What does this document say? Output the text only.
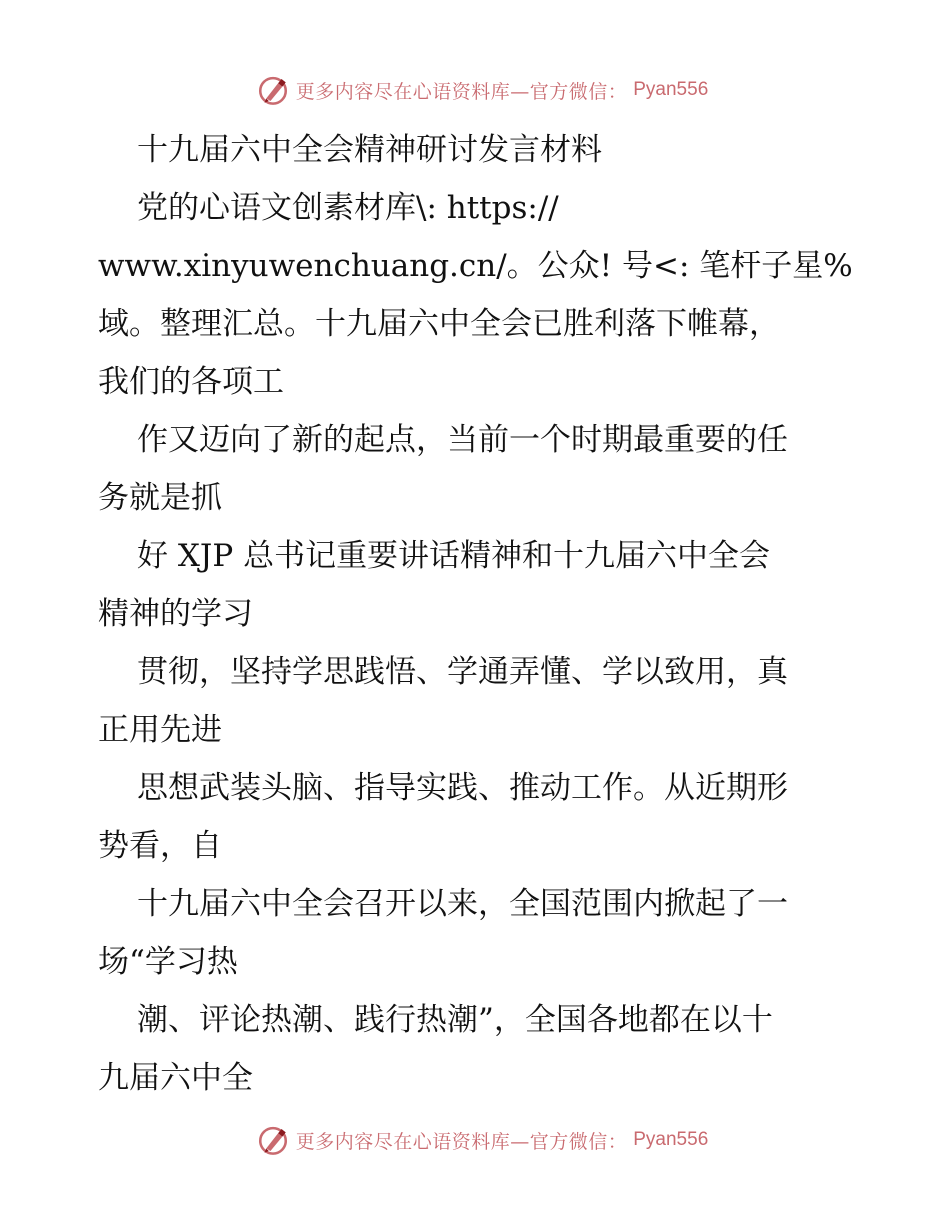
更多内容尽在心语资料库—官方微信： Pyan556
十九届六中全会精神研讨发言材料
党的心语文创素材库\: https://
www.xinyuwenchuang.cn/。公众! 号<: 笔杆子星%
域。整理汇总。十九届六中全会已胜利落下帷幕，
我们的各项工
作又迈向了新的起点，当前一个时期最重要的任
务就是抓
好 XJP 总书记重要讲话精神和十九届六中全会
精神的学习
贯彻，坚持学思践悟、学通弄懂、学以致用，真
正用先进
思想武装头脑、指导实践、推动工作。从近期形
势看，自
十九届六中全会召开以来，全国范围内掀起了一
场“学习热
潮、评论热潮、践行热潮”，全国各地都在以十
九届六中全
更多内容尽在心语资料库—官方微信： Pyan556
